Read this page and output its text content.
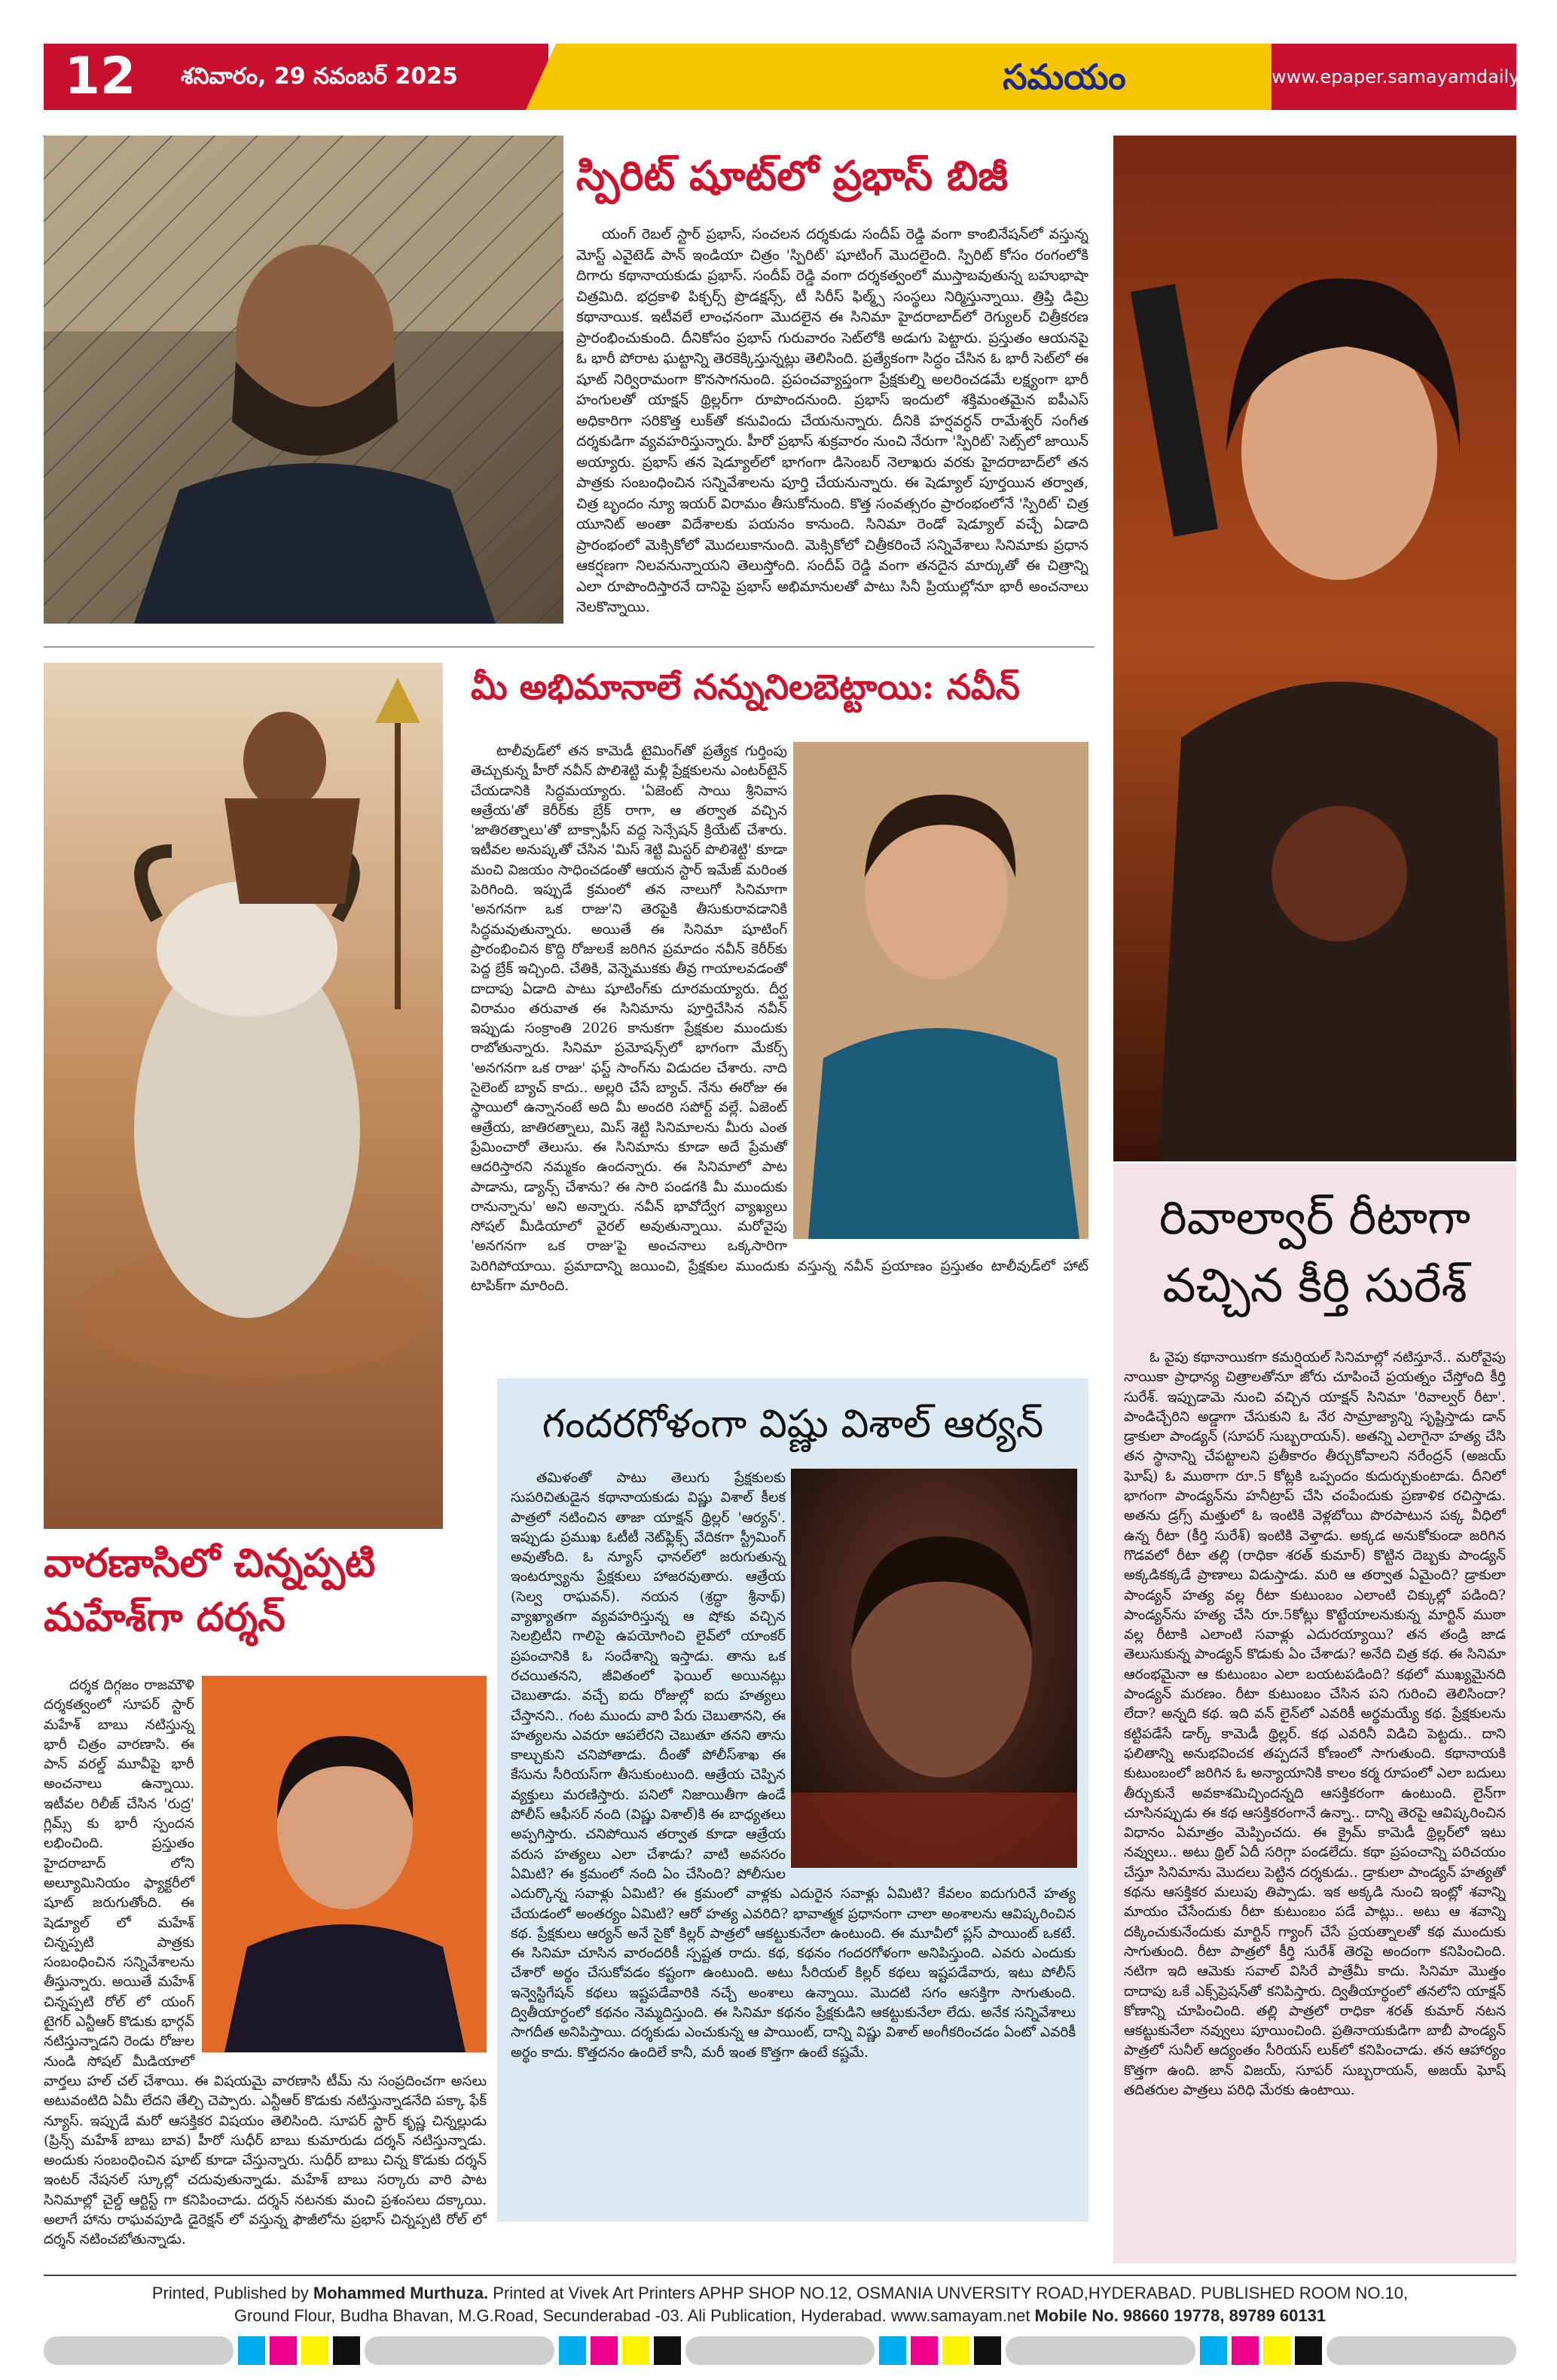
12	శనివారం, 29 నవంబర్ 2025	సమయం	www.epaper.samayamdaily.net
స్పిరిట్ షూట్‌లో ప్రభాస్ బిజీ

యంగ్ రెబల్ స్టార్ ప్రభాస్, సంచలన దర్శకుడు సందీప్ రెడ్డి వంగా కాంబినేషన్‌లో వస్తున్న మోస్ట్ ఎవైటెడ్ పాన్ ఇండియా చిత్రం 'స్పిరిట్' షూటింగ్ మొదలైంది. స్పిరిట్ కోసం రంగంలోకి దిగారు కథానాయకుడు ప్రభాస్. సందీప్ రెడ్డి వంగా దర్శకత్వంలో ముస్తాబవుతున్న బహుభాషా చిత్రమిది. భద్రకాళి పిక్చర్స్ ప్రొడక్షన్స్, టీ సిరీస్ ఫిల్మ్స్ సంస్థలు నిర్మిస్తున్నాయి. త్రిప్తి డిమ్రి కథానాయిక. ఇటీవలే లాంఛనంగా మొదలైన ఈ సినిమా హైదరాబాద్‌లో రెగ్యులర్ చిత్రీకరణ ప్రారంభించుకుంది. దీనికోసం ప్రభాస్ గురువారం సెట్‌లోకి అడుగు పెట్టారు. ప్రస్తుతం ఆయనపై ఓ భారీ పోరాట ఘట్టాన్ని తెరకెక్కిస్తున్నట్లు తెలిసింది. ప్రత్యేకంగా సిద్ధం చేసిన ఓ భారీ సెట్‌లో ఈ షూట్ నిర్విరామంగా కొనసాగనుంది. ప్రపంచవ్యాప్తంగా ప్రేక్షకుల్ని అలరించడమే లక్ష్యంగా భారీ హంగులతో యాక్షన్ థ్రిల్లర్‌గా రూపొందనుంది. ప్రభాస్ ఇందులో శక్తిమంతమైన ఐపీఎస్ అధికారిగా సరికొత్త లుక్‌తో కనువిందు చేయనున్నారు. దీనికి హర్షవర్ధన్ రామేశ్వర్ సంగీత దర్శకుడిగా వ్యవహరిస్తున్నారు. హీరో ప్రభాస్ శుక్రవారం నుంచి నేరుగా 'స్పిరిట్' సెట్స్‌లో జాయిన్ అయ్యారు. ప్రభాస్ తన షెడ్యూల్‌లో భాగంగా డిసెంబర్ నెలాఖరు వరకు హైదరాబాద్‌లో తన పాత్రకు సంబంధించిన సన్నివేశాలను పూర్తి చేయనున్నారు. ఈ షెడ్యూల్ పూర్తయిన తర్వాత, చిత్ర బృందం న్యూ ఇయర్ విరామం తీసుకోనుంది. కొత్త సంవత్సరం ప్రారంభంలోనే 'స్పిరిట్' చిత్ర యూనిట్ అంతా విదేశాలకు పయనం కానుంది. సినిమా రెండో షెడ్యూల్ వచ్చే ఏడాది ప్రారంభంలో మెక్సికోలో మొదలుకానుంది. మెక్సికోలో చిత్రీకరించే సన్నివేశాలు సినిమాకు ప్రధాన ఆకర్షణగా నిలవనున్నాయని తెలుస్తోంది. సందీప్ రెడ్డి వంగా తనదైన మార్కుతో ఈ చిత్రాన్ని ఎలా రూపొందిస్తారనే దానిపై ప్రభాస్ అభిమానులతో పాటు సినీ ప్రియుల్లోనూ భారీ అంచనాలు నెలకొన్నాయి.

మీ అభిమానాలే నన్నునిలబెట్టాయి: నవీన్

టాలీవుడ్‌లో తన కామెడీ టైమింగ్‌తో ప్రత్యేక గుర్తింపు తెచ్చుకున్న హీరో నవీన్ పొలిశెట్టి మళ్లీ ప్రేక్షకులను ఎంటర్‌టైన్ చేయడానికి సిద్ధమయ్యారు. 'ఏజెంట్ సాయి శ్రీనివాస ఆత్రేయ'తో కెరీర్‌కు బ్రేక్ రాగా, ఆ తర్వాత వచ్చిన 'జాతిరత్నాలు'తో బాక్సాఫీస్ వద్ద సెన్సేషన్ క్రియేట్ చేశారు. ఇటీవల అనుష్కతో చేసిన 'మిస్ శెట్టి మిస్టర్ పొలిశెట్టి' కూడా మంచి విజయం సాధించడంతో ఆయన స్టార్ ఇమేజ్ మరింత పెరిగింది. ఇప్పుడే క్రమంలో తన నాలుగో సినిమాగా 'అనగనగా ఒక రాజు'ని తెరపైకి తీసుకురావడానికి సిద్ధమవుతున్నారు. అయితే ఈ సినిమా షూటింగ్ ప్రారంభించిన కొద్ది రోజులకే జరిగిన ప్రమాదం నవీన్ కెరీర్‌కు పెద్ద బ్రేక్ ఇచ్చింది. చేతికి, వెన్నెముకకు తీవ్ర గాయాలవడంతో దాదాపు ఏడాది పాటు షూటింగ్‌కు దూరమయ్యారు. దీర్ఘ విరామం తరువాత ఈ సినిమాను పూర్తిచేసిన నవీన్ ఇప్పుడు సంక్రాంతి 2026 కానుకగా ప్రేక్షకుల ముందుకు రాబోతున్నారు. సినిమా ప్రమోషన్స్‌లో భాగంగా మేకర్స్ 'అనగనగా ఒక రాజు' ఫస్ట్ సాంగ్‌ను విడుదల చేశారు. నాది సైలెంట్ బ్యాచ్ కాదు.. అల్లరి చేసే బ్యాచ్. నేను ఈరోజు ఈ స్థాయిలో ఉన్నానంటే అది మీ అందరి సపోర్ట్ వల్లే. ఏజెంట్ ఆత్రేయ, జాతిరత్నాలు, మిస్ శెట్టి సినిమాలను మీరు ఎంత ప్రేమించారో తెలుసు. ఈ సినిమాను కూడా అదే ప్రేమతో ఆదరిస్తారని నమ్మకం ఉందన్నారు. ఈ సినిమాలో పాట పాడాను, డ్యాన్స్ చేశాను? ఈ సారి పండగకి మీ ముందుకు రానున్నాను' అని అన్నారు. నవీన్ భావోద్వేగ వ్యాఖ్యలు సోషల్ మీడియాలో వైరల్ అవుతున్నాయి. మరోవైపు 'అనగనగా ఒక రాజు'పై అంచనాలు ఒక్కసారిగా పెరిగిపోయాయి. ప్రమాదాన్ని జయించి, ప్రేక్షకుల ముందుకు వస్తున్న నవీన్ ప్రయాణం ప్రస్తుతం టాలీవుడ్‌లో హాట్ టాపిక్‌గా మారింది.

రివాల్వార్ రీటాగా
వచ్చిన కీర్తి సురేశ్

ఓ వైపు కథానాయికగా కమర్షియల్ సినిమాల్లో నటిస్తూనే.. మరోవైపు నాయికా ప్రాధాన్య చిత్రాలతోనూ జోరు చూపించే ప్రయత్నం చేస్తోంది కీర్తి సురేశ్. ఇప్పుడామె నుంచి వచ్చిన యాక్షన్ సినిమా 'రివాల్వర్ రీటా'. పాండిచ్చేరిని అడ్డాగా చేసుకుని ఓ నేర సామ్రాజ్యాన్ని సృష్టిస్తాడు డాన్ డ్రాకులా పాండ్యన్ (సూపర్ సుబ్బరాయన్). అతన్ని ఎలాగైనా హత్య చేసి తన స్థానాన్ని చేపట్టాలని ప్రతీకారం తీర్చుకోవాలని నరేంద్రన్ (అజయ్ ఘోష్) ఓ ముఠాగా రూ.5 కోట్లకి ఒప్పందం కుదుర్చుకుంటాడు. దీనిలో భాగంగా పాండ్యన్‌ను హనీట్రాప్ చేసి చంపేందుకు ప్రణాళిక రచిస్తాడు. అతను డ్రగ్స్ మత్తులో ఓ ఇంటికి వెళ్లబోయి పొరపాటున పక్క వీధిలో ఉన్న రీటా (కీర్తి సురేశ్) ఇంటికి వెళ్తాడు. అక్కడ అనుకోకుండా జరిగిన గొడవలో రీటా తల్లి (రాధికా శరత్ కుమార్) కొట్టిన దెబ్బకు పాండ్యన్ అక్కడికక్కడే ప్రాణాలు విడుస్తాడు. మరి ఆ తర్వాత ఏమైంది? డ్రాకులా పాండ్యన్ హత్య వల్ల రీటా కుటుంబం ఎలాంటి చిక్కుల్లో పడింది? పాండ్యన్‌ను హత్య చేసి రూ.5కోట్లు కొట్టేయాలనుకున్న మార్టిన్ ముఠా వల్ల రీటాకి ఎలాంటి సవాళ్లు ఎదురయ్యాయి? తన తండ్రి జాడ తెలుసుకున్న పాండ్యన్ కొడుకు ఏం చేశాడు? అనేది చిత్ర కథ. ఈ సినిమా ఆరంభమైనా ఆ కుటుంబం ఎలా బయటపడింది? కథలో ముఖ్యమైనది పాండ్యన్ మరణం. రీటా కుటుంబం చేసిన పని గురించి తెలిసిందా? లేదా? అన్నది కథ. ఇది వన్ లైన్‌లో ఎవరికీ అర్థమయ్యే కథ. ప్రేక్షకులను కట్టిపడేసే డార్క్ కామెడీ థ్రిల్లర్. కథ ఎవరినీ విడిచి పెట్టదు.. దాని ఫలితాన్ని అనుభవించక తప్పదనే కోణంలో సాగుతుంది. కథానాయకి కుటుంబంలో జరిగిన ఓ అన్యాయానికి కాలం కర్మ రూపంలో ఎలా బదులు తీర్చుకునే అవకాశమిచ్చిందన్నది ఆసక్తికరంగా ఉంటుంది. లైన్‌గా చూసినప్పుడు ఈ కథ ఆసక్తికరంగానే ఉన్నా.. దాన్ని తెరపై ఆవిష్కరించిన విధానం ఏమాత్రం మెప్పించదు. ఈ క్రైమ్ కామెడీ థ్రిల్లర్‌లో ఇటు నవ్వులు.. అటు థ్రిల్ ఏదీ సరిగ్గా పండలేదు. కథా ప్రపంచాన్ని పరిచయం చేస్తూ సినిమాను మొదలు పెట్టిన దర్శకుడు.. డ్రాకులా పాండ్యన్ హత్యతో కథను ఆసక్తికర మలుపు తిప్పాడు. ఇక అక్కడి నుంచి ఇంట్లో శవాన్ని మాయం చేసేందుకు రీటా కుటుంబం పడే పాట్లు.. అటు ఆ శవాన్ని దక్కించుకునేందుకు మార్టిన్ గ్యాంగ్ చేసే ప్రయత్నాలతో కథ ముందుకు సాగుతుంది. రీటా పాత్రలో కీర్తి సురేశ్ తెరపై అందంగా కనిపించింది. నటిగా ఇది ఆమెకు సవాల్ విసిరే పాత్రేమీ కాదు. సినిమా మొత్తం దాదాపు ఒకే ఎక్స్‌ప్రెషన్‌తో కనిపిస్తారు. ద్వితీయార్ధంలో తనలోని యాక్షన్ కోణాన్ని చూపించింది. తల్లి పాత్రలో రాధికా శరత్ కుమార్ నటన ఆకట్టుకునేలా నవ్వులు పూయించింది. ప్రతినాయకుడిగా బాబీ పాండ్యన్ పాత్రలో సునీల్ ఆద్యంతం సీరియస్ లుక్‌లో కనిపించాడు. తన ఆహార్యం కొత్తగా ఉంది. జాన్ విజయ్, సూపర్ సుబ్బరాయన్, అజయ్ ఘోష్ తదితరుల పాత్రలు పరిధి మేరకు ఉంటాయి.

గందరగోళంగా విష్ణు విశాల్ ఆర్యన్

తమిళంతో పాటు తెలుగు ప్రేక్షకులకు సుపరిచితుడైన కథానాయకుడు విష్ణు విశాల్ కీలక పాత్రలో నటించిన తాజా యాక్షన్ థ్రిల్లర్ 'ఆర్యన్'. ఇప్పుడు ప్రముఖ ఓటీటీ నెట్‌ఫ్లిక్స్ వేదికగా స్ట్రీమింగ్ అవుతోంది. ఓ న్యూస్ ఛానల్‌లో జరుగుతున్న ఇంటర్వ్యూను ప్రేక్షకులు హాజరవుతారు. ఆత్రేయ (సెల్వ రాఘవన్). నయన (శ్రద్ధా శ్రీనాథ్) వ్యాఖ్యాతగా వ్యవహరిస్తున్న ఆ షోకు వచ్చిన సెలబ్రిటీని గాలిపై ఉపయోగించి లైవ్‌లో యాంకర్ ప్రపంచానికి ఓ సందేశాన్ని ఇస్తాడు. తాను ఒక రచయితనని, జీవితంలో ఫెయిల్ అయినట్లు చెబుతాడు. వచ్చే ఐదు రోజుల్లో ఐదు హత్యలు చేస్తానని.. గంట ముందు వారి పేరు చెబుతానని, ఈ హత్యలను ఎవరూ ఆపలేరని చెబుతూ తనని తాను కాల్చుకుని చనిపోతాడు. దీంతో పోలీస్‌శాఖ ఈ కేసును సీరియస్‌గా తీసుకుంటుంది. ఆత్రేయ చెప్పిన వ్యక్తులు మరణిస్తారు. పనిలో నిజాయితీగా ఉండే పోలీస్ ఆఫీసర్ నంది (విష్ణు విశాల్)కి ఈ బాధ్యతలు అప్పగిస్తారు. చనిపోయిన తర్వాత కూడా ఆత్రేయ వరుస హత్యలు ఎలా చేశాడు? వాటి అవసరం ఏమిటి? ఈ క్రమంలో నంది ఏం చేసింది? పోలీసుల ఎదుర్కొన్న సవాళ్లు ఏమిటి? ఈ క్రమంలో వాళ్లకు ఎదురైన సవాళ్లు ఏమిటి? కేవలం ఐదుగురినే హత్య చేయడంలో అంతర్యం ఏమిటి? ఆరో హత్య ఎవరిది? భావాత్మక ప్రధానంగా చాలా అంశాలను ఆవిష్కరించిన కథ. ప్రేక్షకులు ఆర్యన్ అనే సైకో కిల్లర్ పాత్రలో ఆకట్టుకునేలా ఉంటుంది. ఈ మూవీలో ప్లస్ పాయింట్ ఒకటే. ఈ సినిమా చూసిన వారందరికీ స్పష్టత రాదు. కథ, కథనం గందరగోళంగా అనిపిస్తుంది. ఎవరు ఎందుకు చేశారో అర్థం చేసుకోవడం కష్టంగా ఉంటుంది. అటు సీరియల్ కిల్లర్ కథలు ఇష్టపడేవారు, ఇటు పోలీస్ ఇన్వెస్టిగేషన్ కథలు ఇష్టపడేవారికి నచ్చే అంశాలు ఉన్నాయి. మొదటి సగం ఆసక్తిగా సాగుతుంది. ద్వితీయార్ధంలో కథనం నెమ్మదిస్తుంది. ఈ సినిమా కథనం ప్రేక్షకుడిని ఆకట్టుకునేలా లేదు. అనేక సన్నివేశాలు సాగదీత అనిపిస్తాయి. దర్శకుడు ఎంచుకున్న ఆ పాయింట్, దాన్ని విష్ణు విశాల్ అంగీకరించడం ఏంటో ఎవరికీ అర్థం కాదు. కొత్తదనం ఉందిలే కానీ, మరీ ఇంత కొత్తగా ఉంటే కష్టమే.

వారణాసిలో చిన్నప్పటి మహేశ్‌గా దర్శన్

దర్శక దిగ్గజం రాజమౌళి దర్శకత్వంలో సూపర్ స్టార్ మహేశ్ బాబు నటిస్తున్న భారీ చిత్రం వారణాసి. ఈ పాన్ వరల్డ్ మూవీపై భారీ అంచనాలు ఉన్నాయి. ఇటీవల రిలీజ్ చేసిన 'రుద్ర' గ్లిమ్స్ కు భారీ స్పందన లభించింది. ప్రస్తుతం హైదరాబాద్ లోని అల్యూమినియం ఫ్యాక్టరీలో షూట్ జరుగుతోంది. ఈ షెడ్యూల్ లో మహేశ్ చిన్నప్పటి పాత్రకు సంబంధించిన సన్నివేశాలను తీస్తున్నారు. అయితే మహేశ్ చిన్నప్పటి రోల్ లో యంగ్ టైగర్ ఎన్టీఆర్ కొడుకు భార్గవ్ నటిస్తున్నాడని రెండు రోజుల నుండి సోషల్ మీడియాలో వార్తలు హల్ చల్ చేశాయి. ఈ విషయమై వారణాసి టీమ్ ను సంప్రదించగా అసలు అటువంటిది ఏమీ లేదని తేల్చి చెప్పారు. ఎన్టీఆర్ కొడుకు నటిస్తున్నాడనేది పక్కా ఫేక్ న్యూస్. ఇప్పుడే మరో ఆసక్తికర విషయం తెలిసింది. సూపర్ స్టార్ కృష్ణ చిన్నల్లుడు (ప్రిన్స్ మహేశ్ బాబు బావ) హీరో సుధీర్ బాబు కుమారుడు దర్శన్ నటిస్తున్నాడు. అందుకు సంబంధించిన షూట్ కూడా చేస్తున్నారు. సుధీర్ బాబు చిన్న కొడుకు దర్శన్ ఇంటర్‌ నేషనల్ స్కూల్లో చదువుతున్నాడు. మహేశ్ బాబు సర్కారు వారి పాట సినిమాల్లో చైల్డ్ ఆర్టిస్ట్ గా కనిపించాడు. దర్శన్ నటనకు మంచి ప్రశంసలు దక్కాయి. అలాగే హాను రాఘవపూడి డైరెక్షన్ లో వస్తున్న ఫౌజీలోను ప్రభాస్ చిన్నప్పటి రోల్ లో దర్శన్ నటించబోతున్నాడు.

Printed, Published by Mohammed Murthuza. Printed at Vivek Art Printers APHP SHOP NO.12, OSMANIA UNVERSITY ROAD,HYDERABAD. PUBLISHED ROOM NO.10,
Ground Flour, Budha Bhavan, M.G.Road, Secunderabad -03. Ali Publication, Hyderabad. www.samayam.net Mobile No. 98660 19778, 89789 60131
